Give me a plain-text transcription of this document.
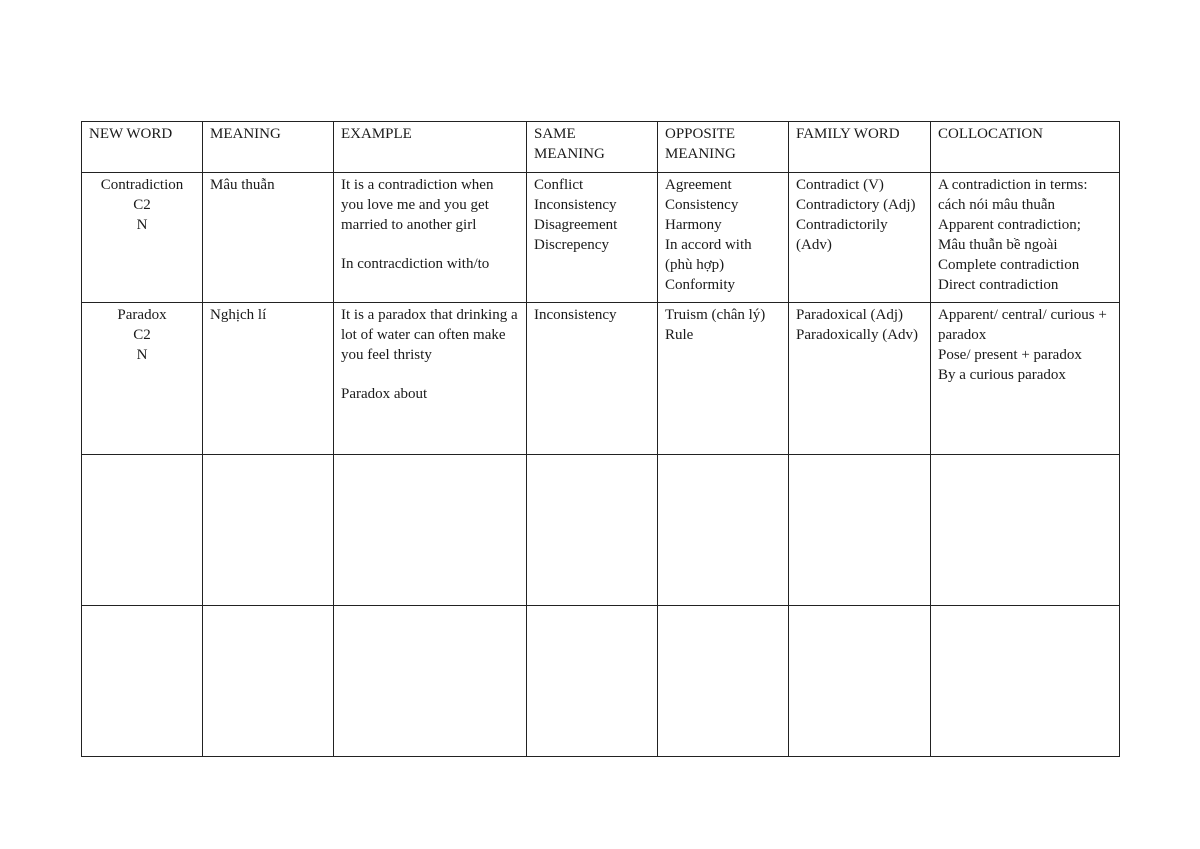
NEW WORD	MEANING	EXAMPLE	SAME MEANING	OPPOSITE MEANING	FAMILY WORD	COLLOCATION

Contradiction
C2
N	Mâu thuẫn	It is a contradiction when you love me and you get married to another girl
In contracdiction with/to	Conflict
Inconsistency
Disagreement
Discrepency	Agreement
Consistency
Harmony
In accord with (phù hợp)
Conformity	Contradict (V)
Contradictory (Adj)
Contradictorily (Adv)	A contradiction in terms: cách nói mâu thuẫn
Apparent contradiction; Mâu thuẫn bề ngoài
Complete contradiction
Direct contradiction

Paradox
C2
N	Nghịch lí	It is a paradox that drinking a lot of water can often make you feel thristy
Paradox about	Inconsistency	Truism (chân lý)
Rule	Paradoxical (Adj)
Paradoxically (Adv)	Apparent/ central/ curious + paradox
Pose/ present + paradox
By a curious paradox
